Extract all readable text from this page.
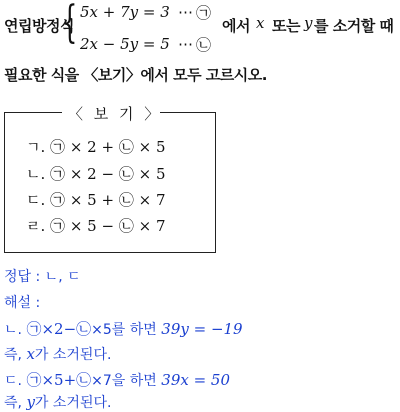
연립방정식
{ 5x + 7y = 3 ⋯ ㉠
2x − 5y = 5 ⋯ ㉡
에서 x 또는 y 를 소거할 때
필요한 식을 〈보기〉에서 모두 고르시오.
〈 보 기 〉
ㄱ. ㉠ × 2 + ㉡ × 5
ㄴ. ㉠ × 2 − ㉡ × 5
ㄷ. ㉠ × 5 + ㉡ × 7
ㄹ. ㉠ × 5 − ㉡ × 7
정답 : ㄴ, ㄷ
해설 :
ㄴ. ㉠×2−㉡×5를 하면 39y = −19
즉, x가 소거된다.
ㄷ. ㉠×5+㉡×7을 하면 39x = 50
즉, y가 소거된다.
